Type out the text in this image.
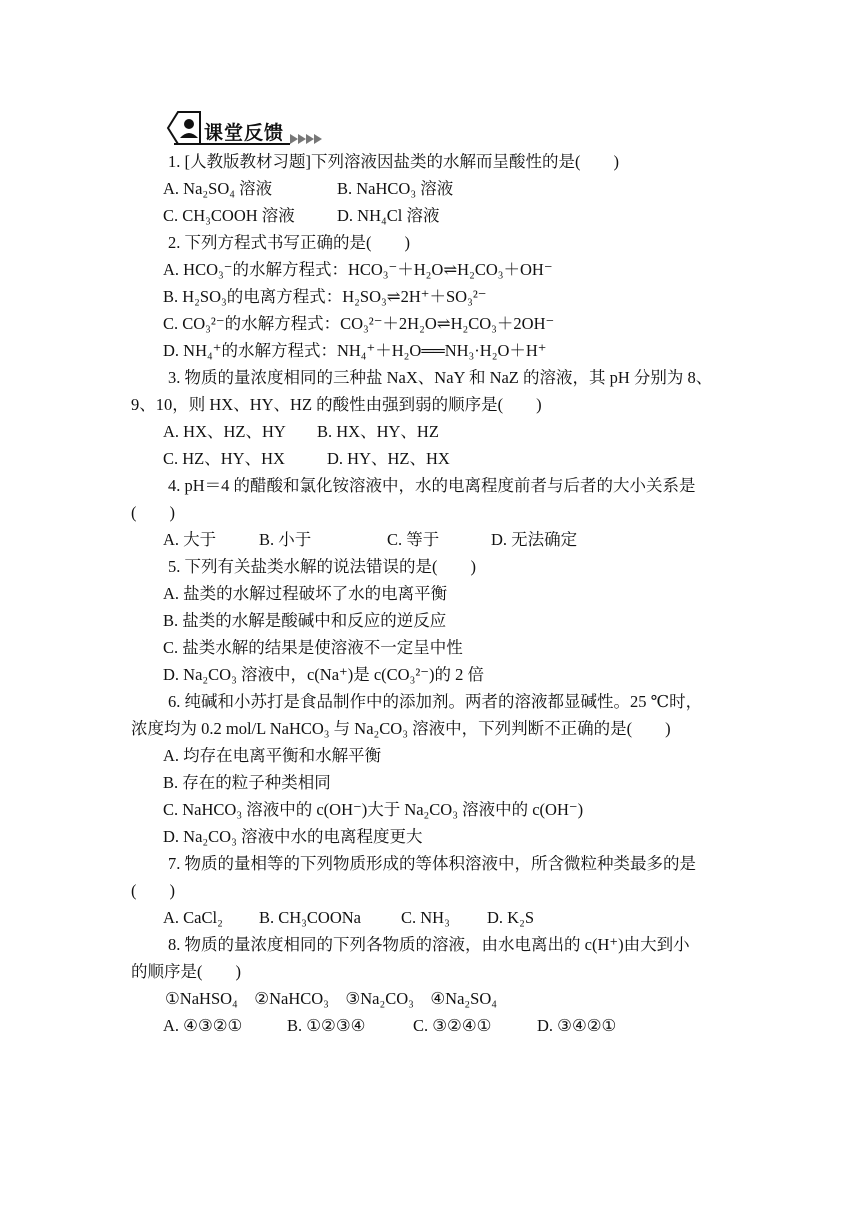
课堂反馈
1. [人教版教材习题]下列溶液因盐类的水解而呈酸性的是(　　)
A. Na₂SO₄ 溶液	B. NaHCO₃ 溶液
C. CH₃COOH 溶液	D. NH₄Cl 溶液
2. 下列方程式书写正确的是(　　)
A. HCO₃⁻的水解方程式：HCO₃⁻＋H₂O⇌H₂CO₃＋OH⁻
B. H₂SO₃的电离方程式：H₂SO₃⇌2H⁺＋SO₃²⁻
C. CO₃²⁻的水解方程式：CO₃²⁻＋2H₂O⇌H₂CO₃＋2OH⁻
D. NH₄⁺的水解方程式：NH₄⁺＋H₂O══NH₃·H₂O＋H⁺
3. 物质的量浓度相同的三种盐 NaX、NaY 和 NaZ 的溶液，其 pH 分别为 8、
9、10，则 HX、HY、HZ 的酸性由强到弱的顺序是(　　)
A. HX、HZ、HY B. HX、HY、HZ
C. HZ、HY、HX	D. HY、HZ、HX
4. pH＝4 的醋酸和氯化铵溶液中，水的电离程度前者与后者的大小关系是
(　　)
A. 大于	B. 小于	C. 等于	D. 无法确定
5. 下列有关盐类水解的说法错误的是(　　)
A. 盐类的水解过程破坏了水的电离平衡
B. 盐类的水解是酸碱中和反应的逆反应
C. 盐类水解的结果是使溶液不一定呈中性
D. Na₂CO₃ 溶液中，c(Na⁺)是 c(CO₃²⁻)的 2 倍
6. 纯碱和小苏打是食品制作中的添加剂。两者的溶液都显碱性。25 ℃时，
浓度均为 0.2 mol/L NaHCO₃ 与 Na₂CO₃ 溶液中，下列判断不正确的是(　　)
A. 均存在电离平衡和水解平衡
B. 存在的粒子种类相同
C. NaHCO₃ 溶液中的 c(OH⁻)大于 Na₂CO₃ 溶液中的 c(OH⁻)
D. Na₂CO₃ 溶液中水的电离程度更大
7. 物质的量相等的下列物质形成的等体积溶液中，所含微粒种类最多的是
(　　)
A. CaCl₂ B. CH₃COONa C. NH₃ D. K₂S
8. 物质的量浓度相同的下列各物质的溶液，由水电离出的 c(H⁺)由大到小
的顺序是(　　)
①NaHSO₄　②NaHCO₃　③Na₂CO₃　④Na₂SO₄
A. ④③②①	B. ①②③④	C. ③②④①	D. ③④②①
